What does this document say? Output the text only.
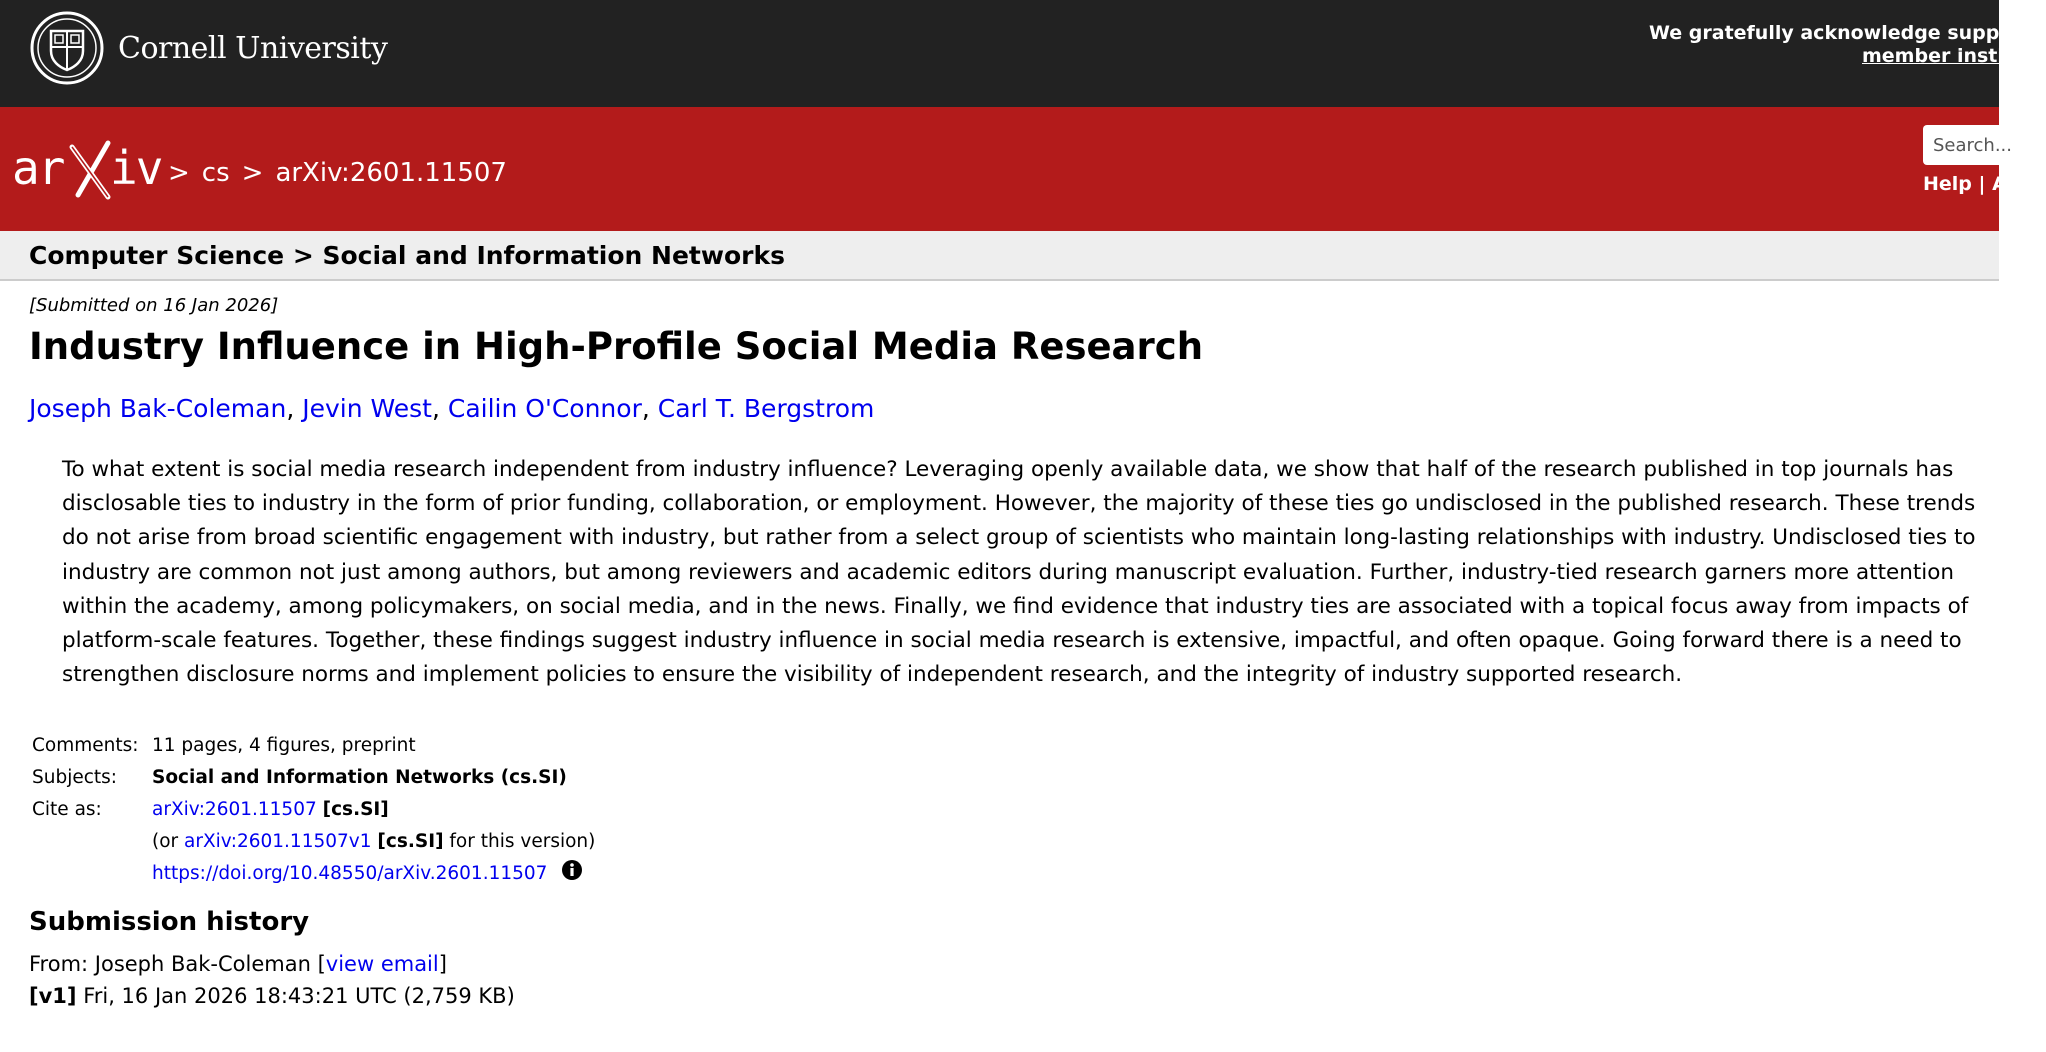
Cornell University	We gratefully acknowledge support f
member insti
ar iv > cs > arXiv:2601.11507
Search...	Help | A
Computer Science > Social and Information Networks
[Submitted on 16 Jan 2026]
Industry Influence in High-Profile Social Media Research
Joseph Bak-Coleman, Jevin West, Cailin O'Connor, Carl T. Bergstrom

To what extent is social media research independent from industry influence? Leveraging openly available data, we show that half of the research published in top journals has disclosable ties to industry in the form of prior funding, collaboration, or employment. However, the majority of these ties go undisclosed in the published research. These trends do not arise from broad scientific engagement with industry, but rather from a select group of scientists who maintain long-lasting relationships with industry. Undisclosed ties to industry are common not just among authors, but among reviewers and academic editors during manuscript evaluation. Further, industry-tied research garners more attention within the academy, among policymakers, on social media, and in the news. Finally, we find evidence that industry ties are associated with a topical focus away from impacts of platform-scale features. Together, these findings suggest industry influence in social media research is extensive, impactful, and often opaque. Going forward there is a need to strengthen disclosure norms and implement policies to ensure the visibility of independent research, and the integrity of industry supported research.

Comments: 11 pages, 4 figures, preprint
Subjects:	Social and Information Networks (cs.SI)
Cite as:	arXiv:2601.11507 [cs.SI]
(or arXiv:2601.11507v1 [cs.SI] for this version)
https://doi.org/10.48550/arXiv.2601.11507
Submission history
From: Joseph Bak-Coleman [view email]
[v1] Fri, 16 Jan 2026 18:43:21 UTC (2,759 KB)
